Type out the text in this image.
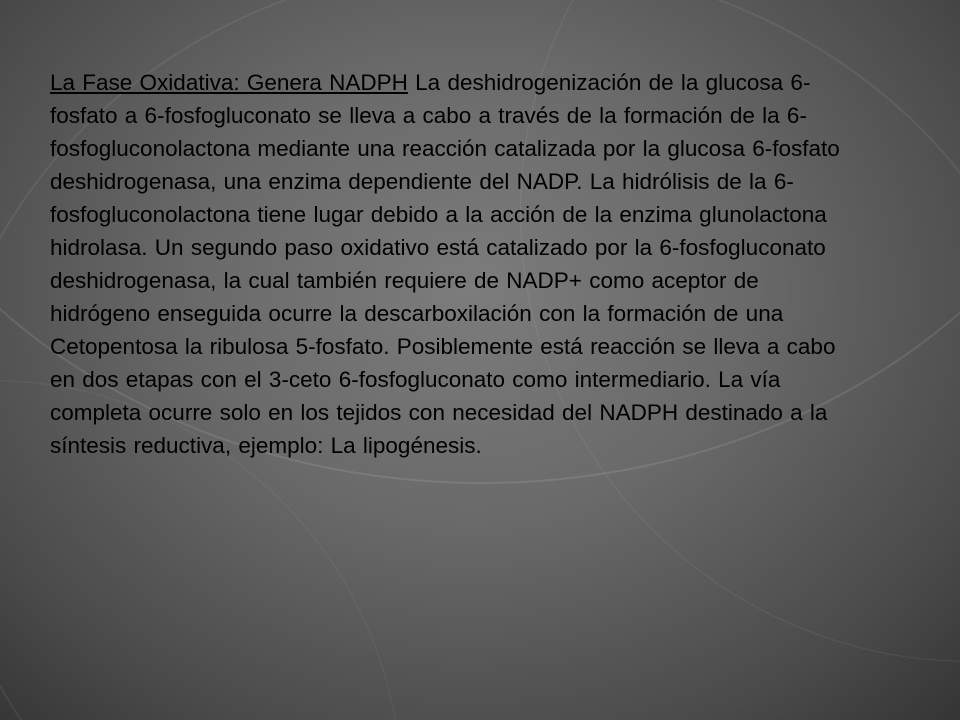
La Fase Oxidativa: Genera NADPH La deshidrogenización de la glucosa 6-fosfato a 6-fosfogluconato se lleva a cabo a través de la formación de la 6-fosfogluconolactona mediante una reacción catalizada por la glucosa 6-fosfato deshidrogenasa, una enzima dependiente del NADP. La hidrólisis de la 6-fosfogluconolactona tiene lugar debido a la acción de la enzima glunolactona hidrolasa. Un segundo paso oxidativo está catalizado por la 6-fosfogluconato deshidrogenasa, la cual también requiere de NADP+ como aceptor de hidrógeno enseguida ocurre la descarboxilación con la formación de una Cetopentosa la ribulosa 5-fosfato. Posiblemente está reacción se lleva a cabo en dos etapas con el 3-ceto 6-fosfogluconato como intermediario. La vía completa ocurre solo en los tejidos con necesidad del NADPH destinado a la síntesis reductiva, ejemplo: La lipogénesis.
